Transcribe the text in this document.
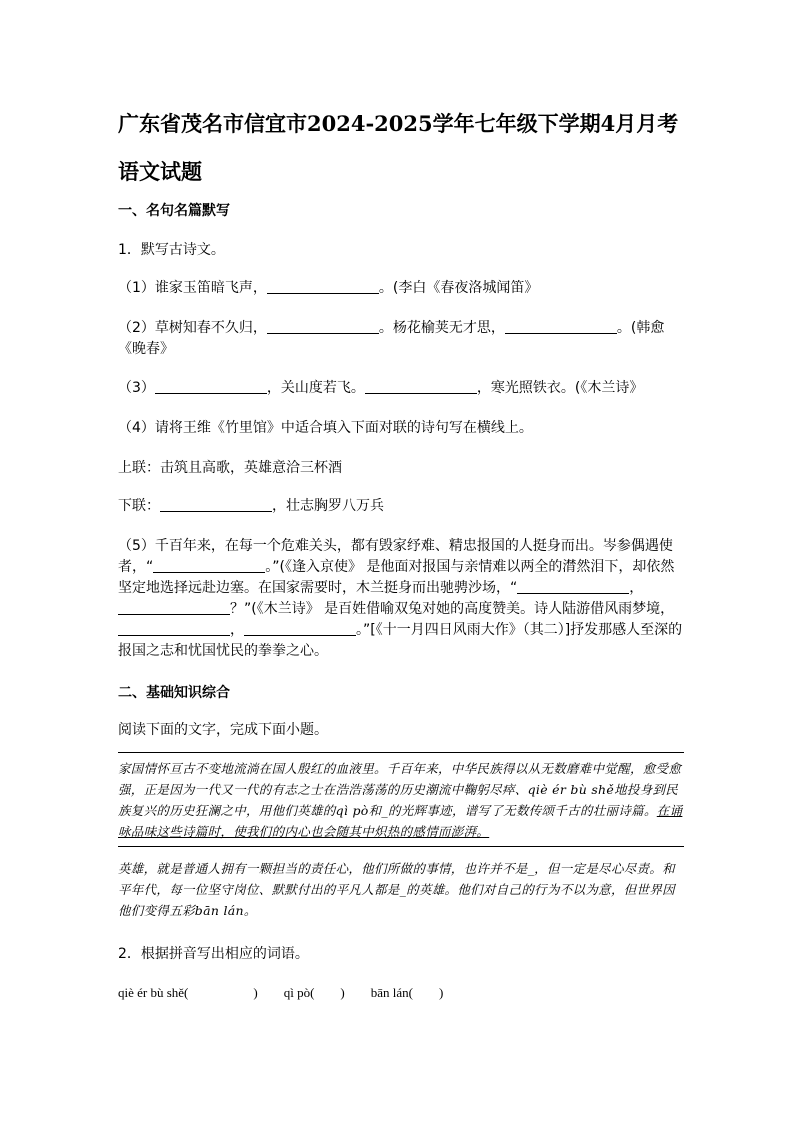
广东省茂名市信宜市2024-2025学年七年级下学期4月月考语文试题
一、名句名篇默写
1．默写古诗文。
（1）谁家玉笛暗飞声，	。(李白《春夜洛城闻笛》
（2）草树知春不久归，	。杨花榆荚无才思，	。(韩愈《晚春》
（3）	，关山度若飞。	，寒光照铁衣。(《木兰诗》
（4）请将王维《竹里馆》中适合填入下面对联的诗句写在横线上。
上联：击筑且高歌，英雄意洽三杯酒
下联：	，壮志胸罗八万兵
（5）千百年来，在每一个危难关头，都有毁家纾难、精忠报国的人挺身而出。岑参偶遇使者，“	。”(《逢入京使》 是他面对报国与亲情难以两全的潸然泪下，却依然坚定地选择远赴边塞。在国家需要时，木兰挺身而出驰骋沙场，“	，？”(《木兰诗》 是百姓借喻双兔对她的高度赞美。诗人陆游借风雨梦境，，	。”[《十一月四日风雨大作》（其二）]抒发那感人至深的报国之志和忧国忧民的拳拳之心。
二、基础知识综合
阅读下面的文字，完成下面小题。
家国情怀亘古不变地流淌在国人殷红的血液里。千百年来，中华民族得以从无数磨难中觉醒，愈受愈强，正是因为一代又一代的有志之士在浩浩荡荡的历史潮流中鞠躬尽瘁、qiè ér bù shě地投身到民族复兴的历史狂澜之中，用他们英雄的qì pò和_的光辉事迹，谱写了无数传颂千古的壮丽诗篇。在诵咏品味这些诗篇时，使我们的内心也会随其中炽热的感情而澎湃。
英雄，就是普通人拥有一颗担当的责任心，他们所做的事情，也许并不是_，但一定是尽心尽责。和平年代，每一位坚守岗位、默默付出的平凡人都是_的英雄。他们对自己的行为不以为意，但世界因他们变得五彩bān lán。
2．根据拼音写出相应的词语。
qiè ér bù shě(                    )        qì pò(        )        bān lán(        )
